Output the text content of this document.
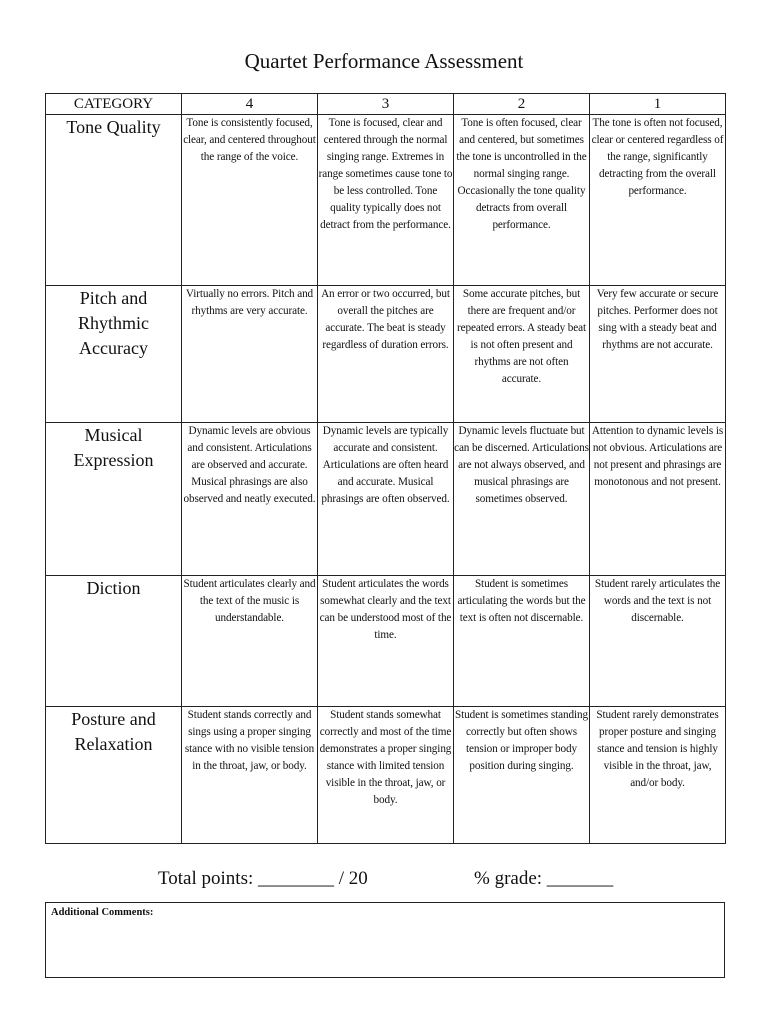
Quartet Performance Assessment
CATEGORY	4	3	2	1
Tone Quality	Tone is consistently focused, clear, and centered throughout the range of the voice.	Tone is focused, clear and centered through the normal singing range. Extremes in range sometimes cause tone to be less controlled. Tone quality typically does not detract from the performance.	Tone is often focused, clear and centered, but sometimes the tone is uncontrolled in the normal singing range. Occasionally the tone quality detracts from overall performance.	The tone is often not focused, clear or centered regardless of the range, significantly detracting from the overall performance.
Pitch and Rhythmic Accuracy	Virtually no errors. Pitch and rhythms are very accurate.	An error or two occurred, but overall the pitches are accurate. The beat is steady regardless of duration errors.	Some accurate pitches, but there are frequent and/or repeated errors. A steady beat is not often present and rhythms are not often accurate.	Very few accurate or secure pitches. Performer does not sing with a steady beat and rhythms are not accurate.
Musical Expression	Dynamic levels are obvious and consistent. Articulations are observed and accurate. Musical phrasings are also observed and neatly executed.	Dynamic levels are typically accurate and consistent. Articulations are often heard and accurate. Musical phrasings are often observed.	Dynamic levels fluctuate but can be discerned. Articulations are not always observed, and musical phrasings are sometimes observed.	Attention to dynamic levels is not obvious. Articulations are not present and phrasings are monotonous and not present.
Diction	Student articulates clearly and the text of the music is understandable.	Student articulates the words somewhat clearly and the text can be understood most of the time.	Student is sometimes articulating the words but the text is often not discernable.	Student rarely articulates the words and the text is not discernable.
Posture and Relaxation	Student stands correctly and sings using a proper singing stance with no visible tension in the throat, jaw, or body.	Student stands somewhat correctly and most of the time demonstrates a proper singing stance with limited tension visible in the throat, jaw, or body.	Student is sometimes standing correctly but often shows tension or improper body position during singing.	Student rarely demonstrates proper posture and singing stance and tension is highly visible in the throat, jaw, and/or body.
Total points: ________ / 20	% grade: _______
Additional Comments:
